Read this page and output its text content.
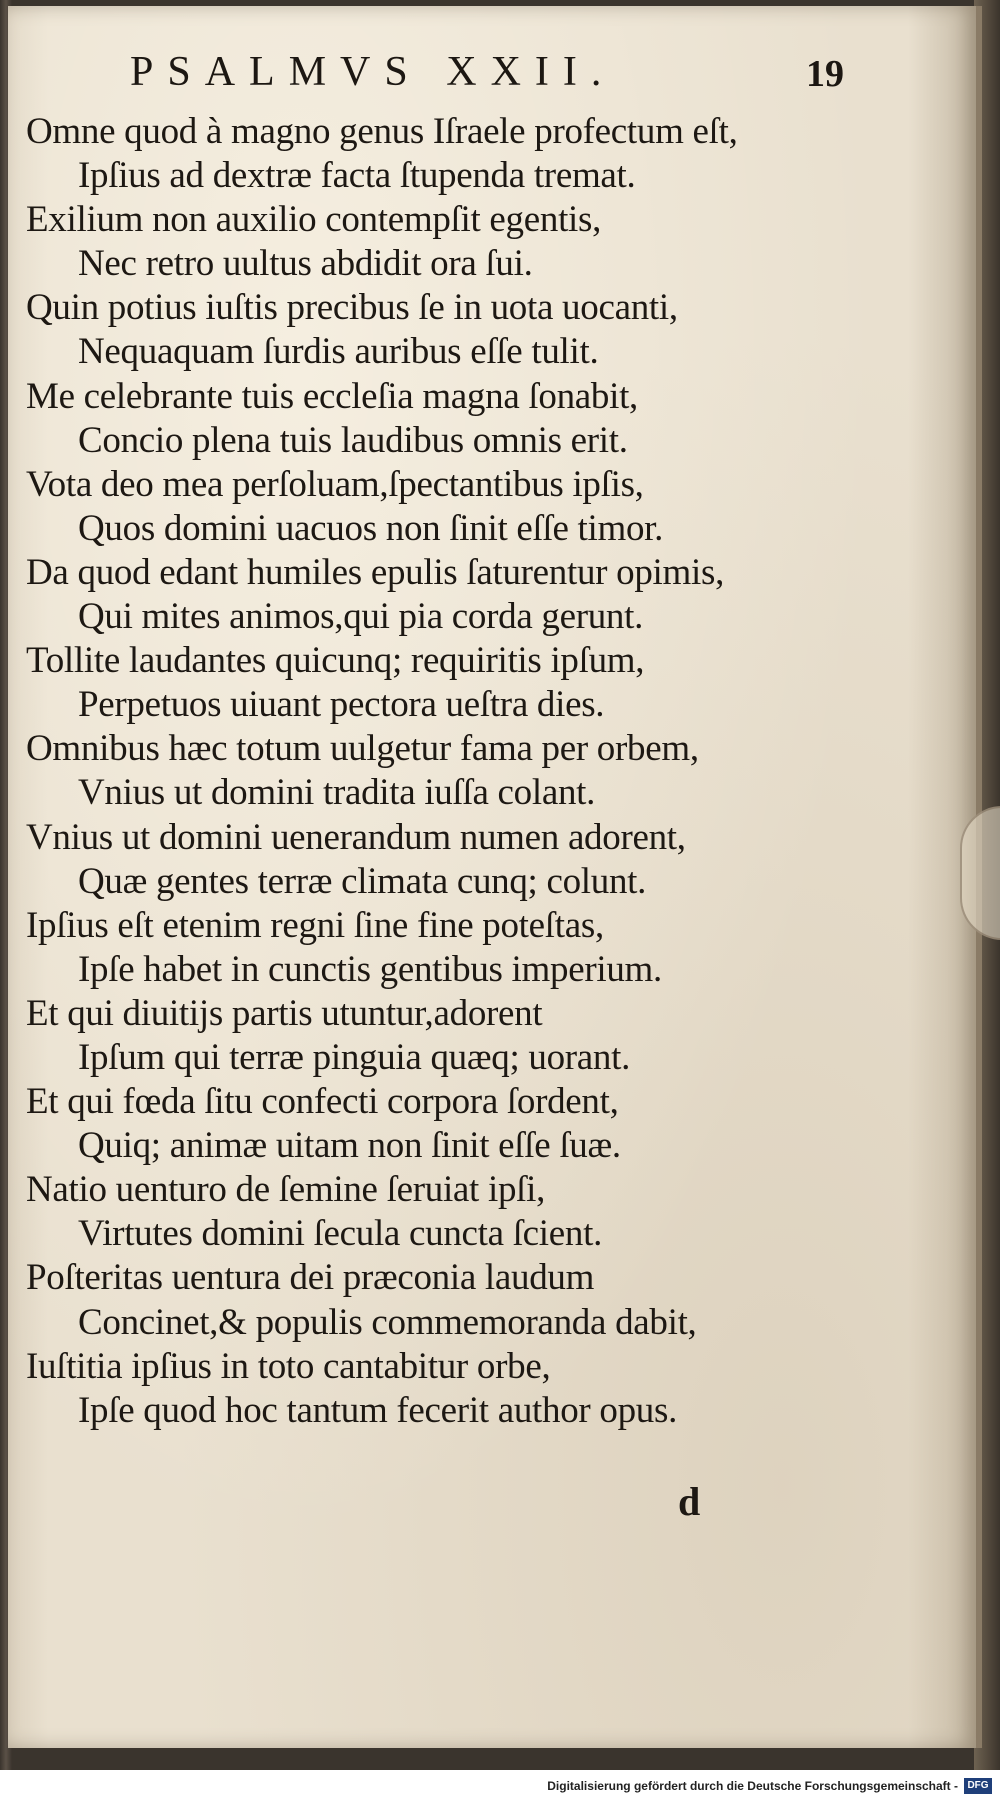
PSALMVS XXII.	19
Omne quod à magno genus Iſraele profectum eſt,
Ipſius ad dextræ facta ſtupenda tremat.
Exilium non auxilio contempſit egentis,
Nec retro uultus abdidit ora ſui.
Quin potius iuſtis precibus ſe in uota uocanti,
Nequaquam ſurdis auribus eſſe tulit.
Me celebrante tuis eccleſia magna ſonabit,
Concio plena tuis laudibus omnis erit.
Vota deo mea perſoluam,ſpectantibus ipſis,
Quos domini uacuos non ſinit eſſe timor.
Da quod edant humiles epulis ſaturentur opimis,
Qui mites animos,qui pia corda gerunt.
Tollite laudantes quicunq; requiritis ipſum,
Perpetuos uiuant pectora ueſtra dies.
Omnibus hæc totum uulgetur fama per orbem,
Vnius ut domini tradita iuſſa colant.
Vnius ut domini uenerandum numen adorent,
Quæ gentes terræ climata cunq; colunt.
Ipſius eſt etenim regni ſine fine poteſtas,
Ipſe habet in cunctis gentibus imperium.
Et qui diuitijs partis utuntur,adorent
Ipſum qui terræ pinguia quæq; uorant.
Et qui fœda ſitu confecti corpora ſordent,
Quiq; animæ uitam non ſinit eſſe ſuæ.
Natio uenturo de ſemine ſeruiat ipſi,
Virtutes domini ſecula cuncta ſcient.
Poſteritas uentura dei præconia laudum
Concinet,& populis commemoranda dabit,
Iuſtitia ipſius in toto cantabitur orbe,
Ipſe quod hoc tantum fecerit author opus.
d
Digitalisierung gefördert durch die Deutsche Forschungsgemeinschaft - DFG
